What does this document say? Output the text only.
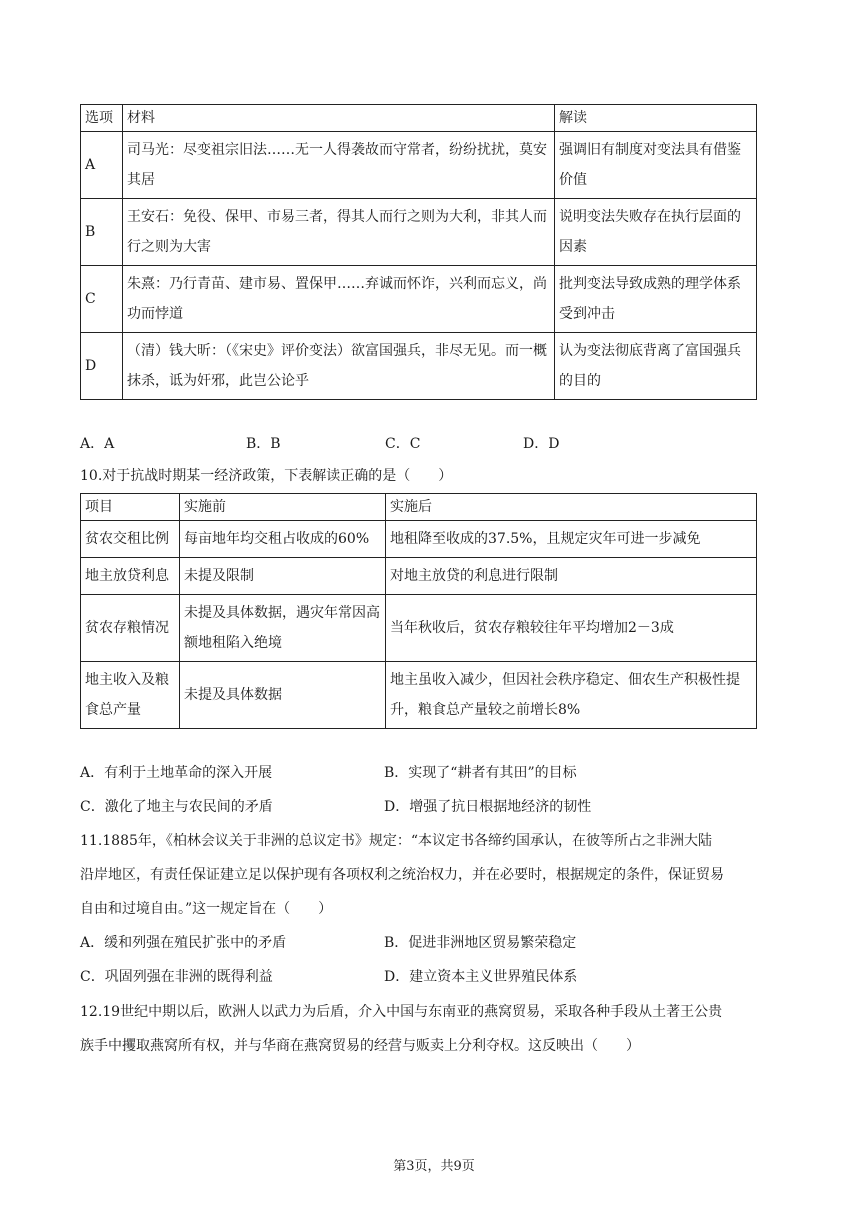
选项	材料	解读
A	司马光：尽变祖宗旧法……无一人得袭故而守常者，纷纷扰扰，莫安其居	强调旧有制度对变法具有借鉴价值
B	王安石：免役、保甲、市易三者，得其人而行之则为大利，非其人而行之则为大害	说明变法失败存在执行层面的因素
C	朱熹：乃行青苗、建市易、置保甲……弃诚而怀诈，兴利而忘义，尚功而悖道	批判变法导致成熟的理学体系受到冲击
D	（清）钱大昕：（《宋史》评价变法）欲富国强兵，非尽无见。而一概抹杀，诋为奸邪，此岂公论乎	认为变法彻底背离了富国强兵的目的
A．A	B．B	C．C	D．D
10.对于抗战时期某一经济政策，下表解读正确的是（　　）
项目	实施前	实施后
贫农交租比例	每亩地年均交租占收成的60%	地租降至收成的37.5%，且规定灾年可进一步减免
地主放贷利息	未提及限制	对地主放贷的利息进行限制
贫农存粮情况	未提及具体数据，遇灾年常因高额地租陷入绝境	当年秋收后，贫农存粮较往年平均增加2－3成
地主收入及粮食总产量	未提及具体数据	地主虽收入减少，但因社会秩序稳定、佃农生产积极性提升，粮食总产量较之前增长8%
A．有利于土地革命的深入开展	B．实现了“耕者有其田”的目标
C．激化了地主与农民间的矛盾	D．增强了抗日根据地经济的韧性
11.1885年，《柏林会议关于非洲的总议定书》规定：“本议定书各缔约国承认，在彼等所占之非洲大陆
沿岸地区，有责任保证建立足以保护现有各项权利之统治权力，并在必要时，根据规定的条件，保证贸易
自由和过境自由。”这一规定旨在（　　）
A．缓和列强在殖民扩张中的矛盾	B．促进非洲地区贸易繁荣稳定
C．巩固列强在非洲的既得利益	D．建立资本主义世界殖民体系
12.19世纪中期以后，欧洲人以武力为后盾，介入中国与东南亚的燕窝贸易，采取各种手段从土著王公贵
族手中攫取燕窝所有权，并与华商在燕窝贸易的经营与贩卖上分利夺权。这反映出（　　）
第3页，共9页
